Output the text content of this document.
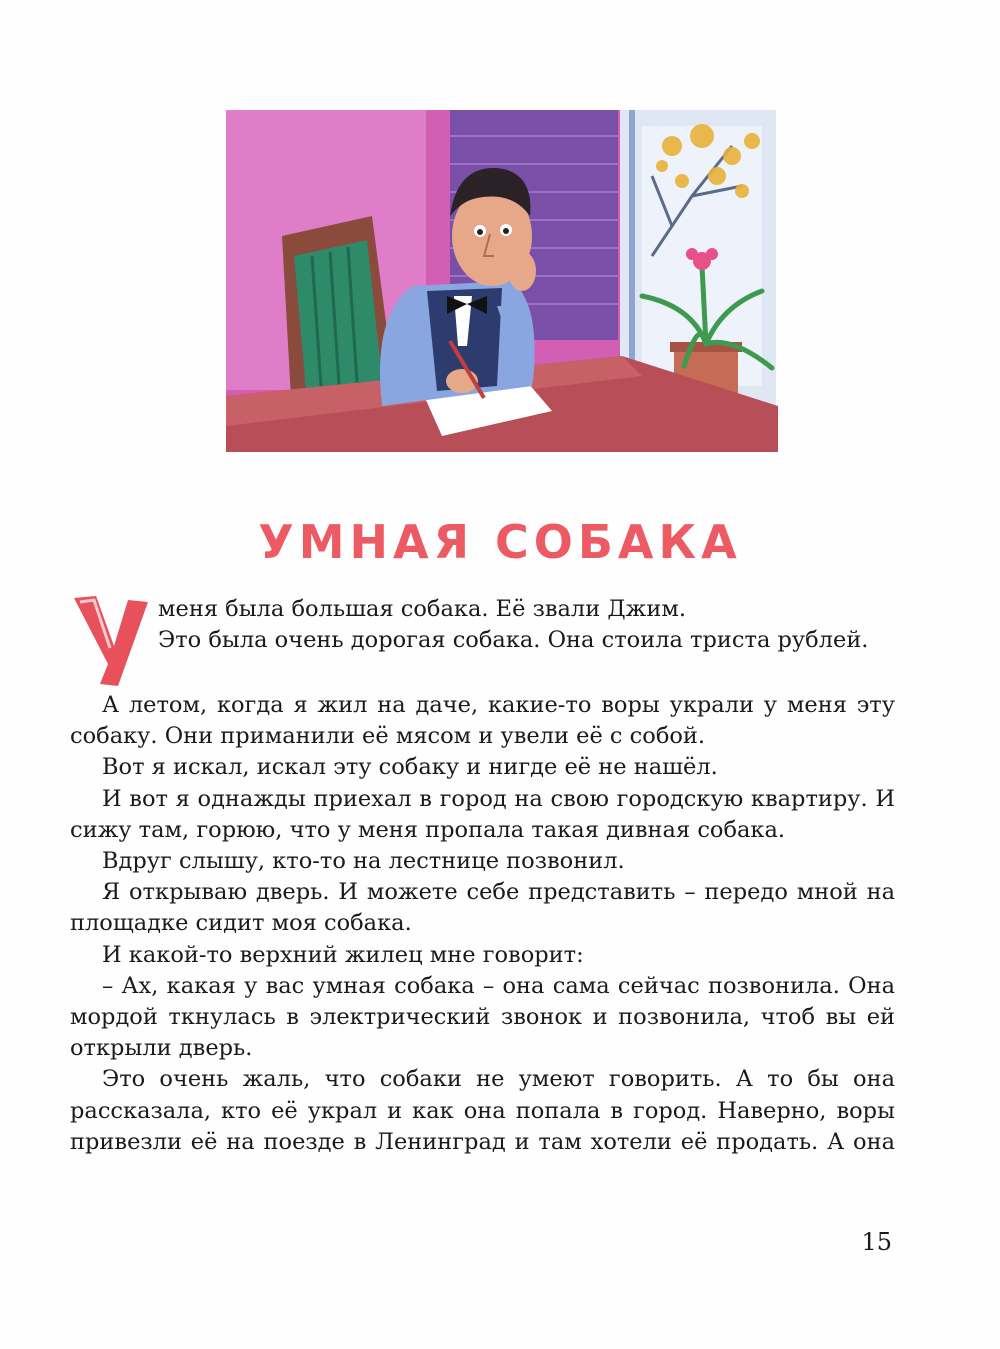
УМНАЯ СОБАКА
У

меня была большая собака. Её звали Джим.

Это была очень дорогая собака. Она стоила триста рублей.

А летом, когда я жил на даче, какие-то воры украли у меня эту собаку. Они приманили её мясом и увели её с собой.

Вот я искал, искал эту собаку и нигде её не нашёл.

И вот я однажды приехал в город на свою городскую квартиру. И сижу там, горюю, что у меня пропала такая дивная собака.

Вдруг слышу, кто-то на лестнице позвонил.

Я открываю дверь. И можете себе представить – передо мной на площадке сидит моя собака.

И какой-то верхний жилец мне говорит:

– Ах, какая у вас умная собака – она сама сейчас позвонила. Она мордой ткнулась в электрический звонок и позвонила, чтоб вы ей открыли дверь.

Это очень жаль, что собаки не умеют говорить. А то бы она рассказала, кто её украл и как она попала в город. Наверно, воры привезли её на поезде в Ленинград и там хотели её продать. А она

15
